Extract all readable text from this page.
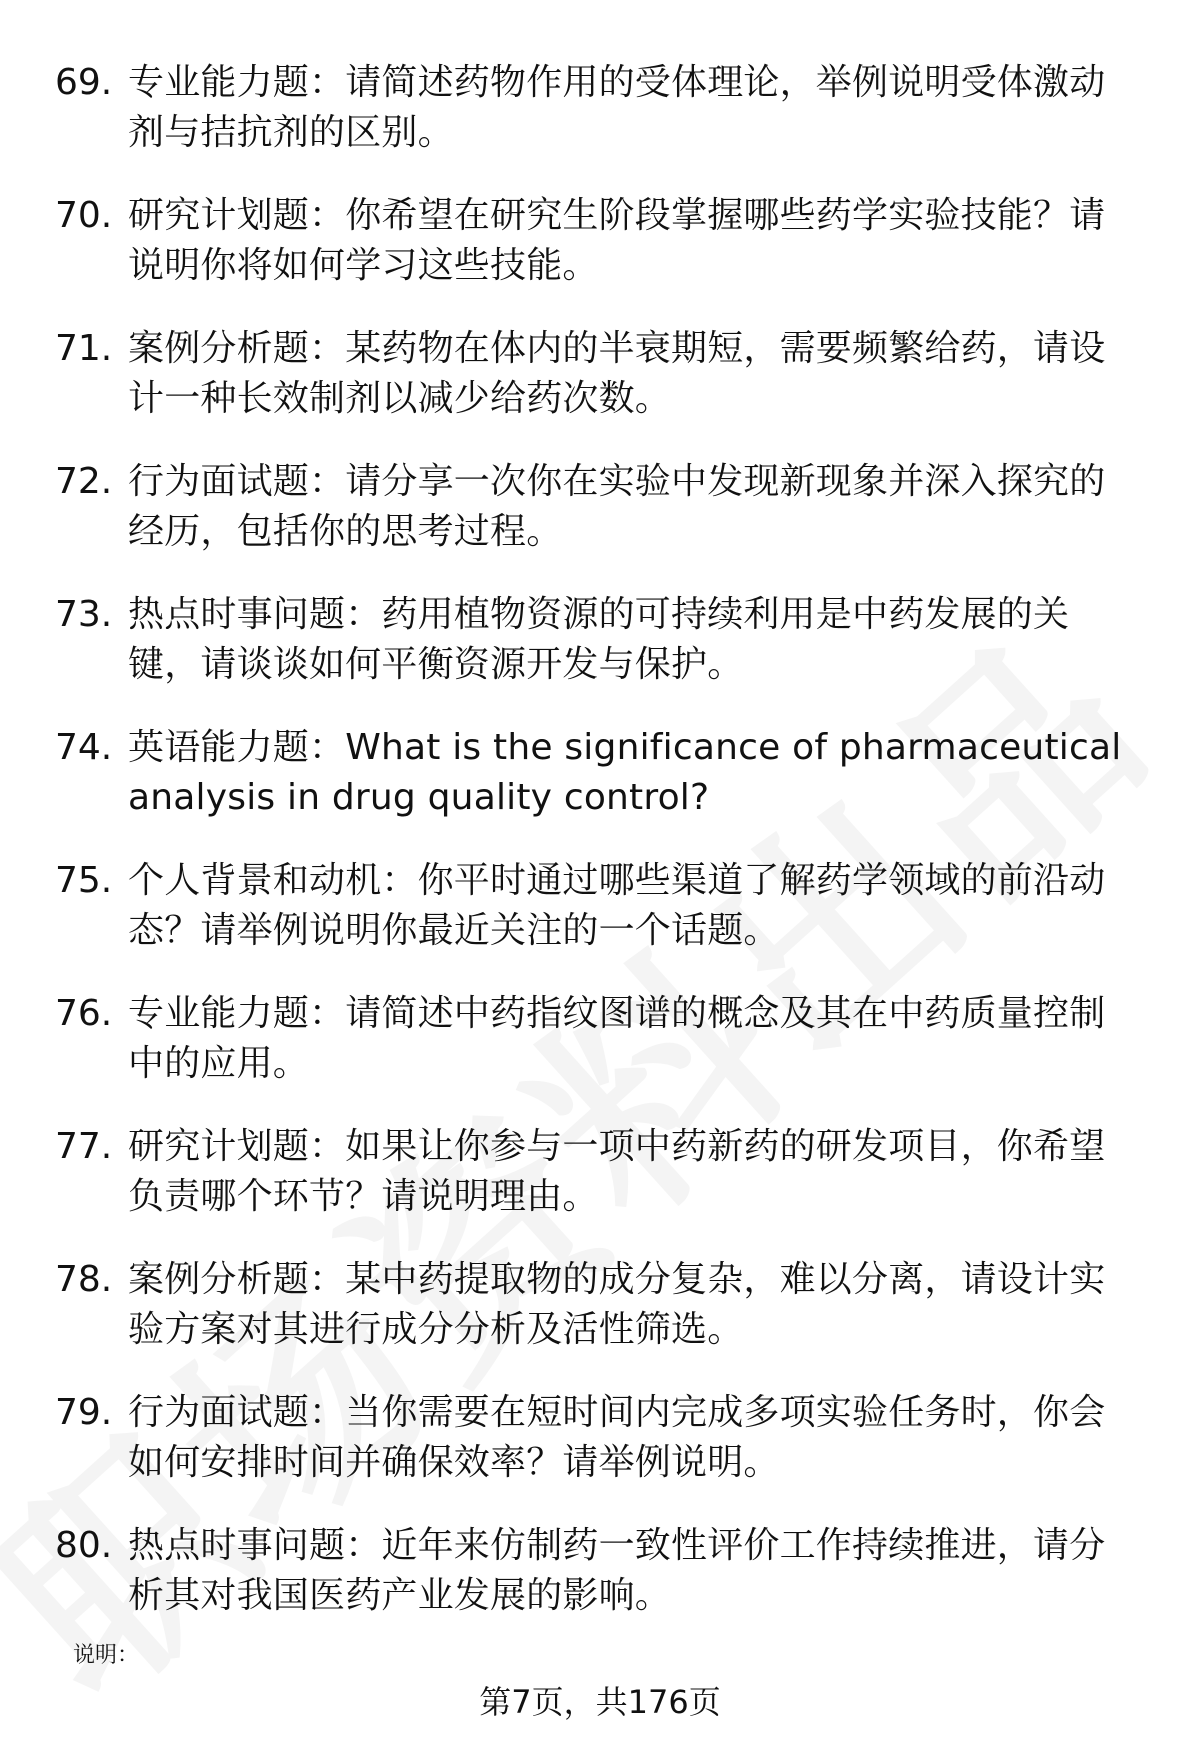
69. 专业能力题：请简述药物作用的受体理论，举例说明受体激动剂与拮抗剂的区别。
70. 研究计划题：你希望在研究生阶段掌握哪些药学实验技能？请说明你将如何学习这些技能。
71. 案例分析题：某药物在体内的半衰期短，需要频繁给药，请设计一种长效制剂以减少给药次数。
72. 行为面试题：请分享一次你在实验中发现新现象并深入探究的经历，包括你的思考过程。
73. 热点时事问题：药用植物资源的可持续利用是中药发展的关键，请谈谈如何平衡资源开发与保护。
74. 英语能力题：What is the significance of pharmaceutical analysis in drug quality control?
75. 个人背景和动机：你平时通过哪些渠道了解药学领域的前沿动态？请举例说明你最近关注的一个话题。
76. 专业能力题：请简述中药指纹图谱的概念及其在中药质量控制中的应用。
77. 研究计划题：如果让你参与一项中药新药的研发项目，你希望负责哪个环节？请说明理由。
78. 案例分析题：某中药提取物的成分复杂，难以分离，请设计实验方案对其进行成分分析及活性筛选。
79. 行为面试题：当你需要在短时间内完成多项实验任务时，你会如何安排时间并确保效率？请举例说明。
80. 热点时事问题：近年来仿制药一致性评价工作持续推进，请分析其对我国医药产业发展的影响。
说明：
第7页，共176页
